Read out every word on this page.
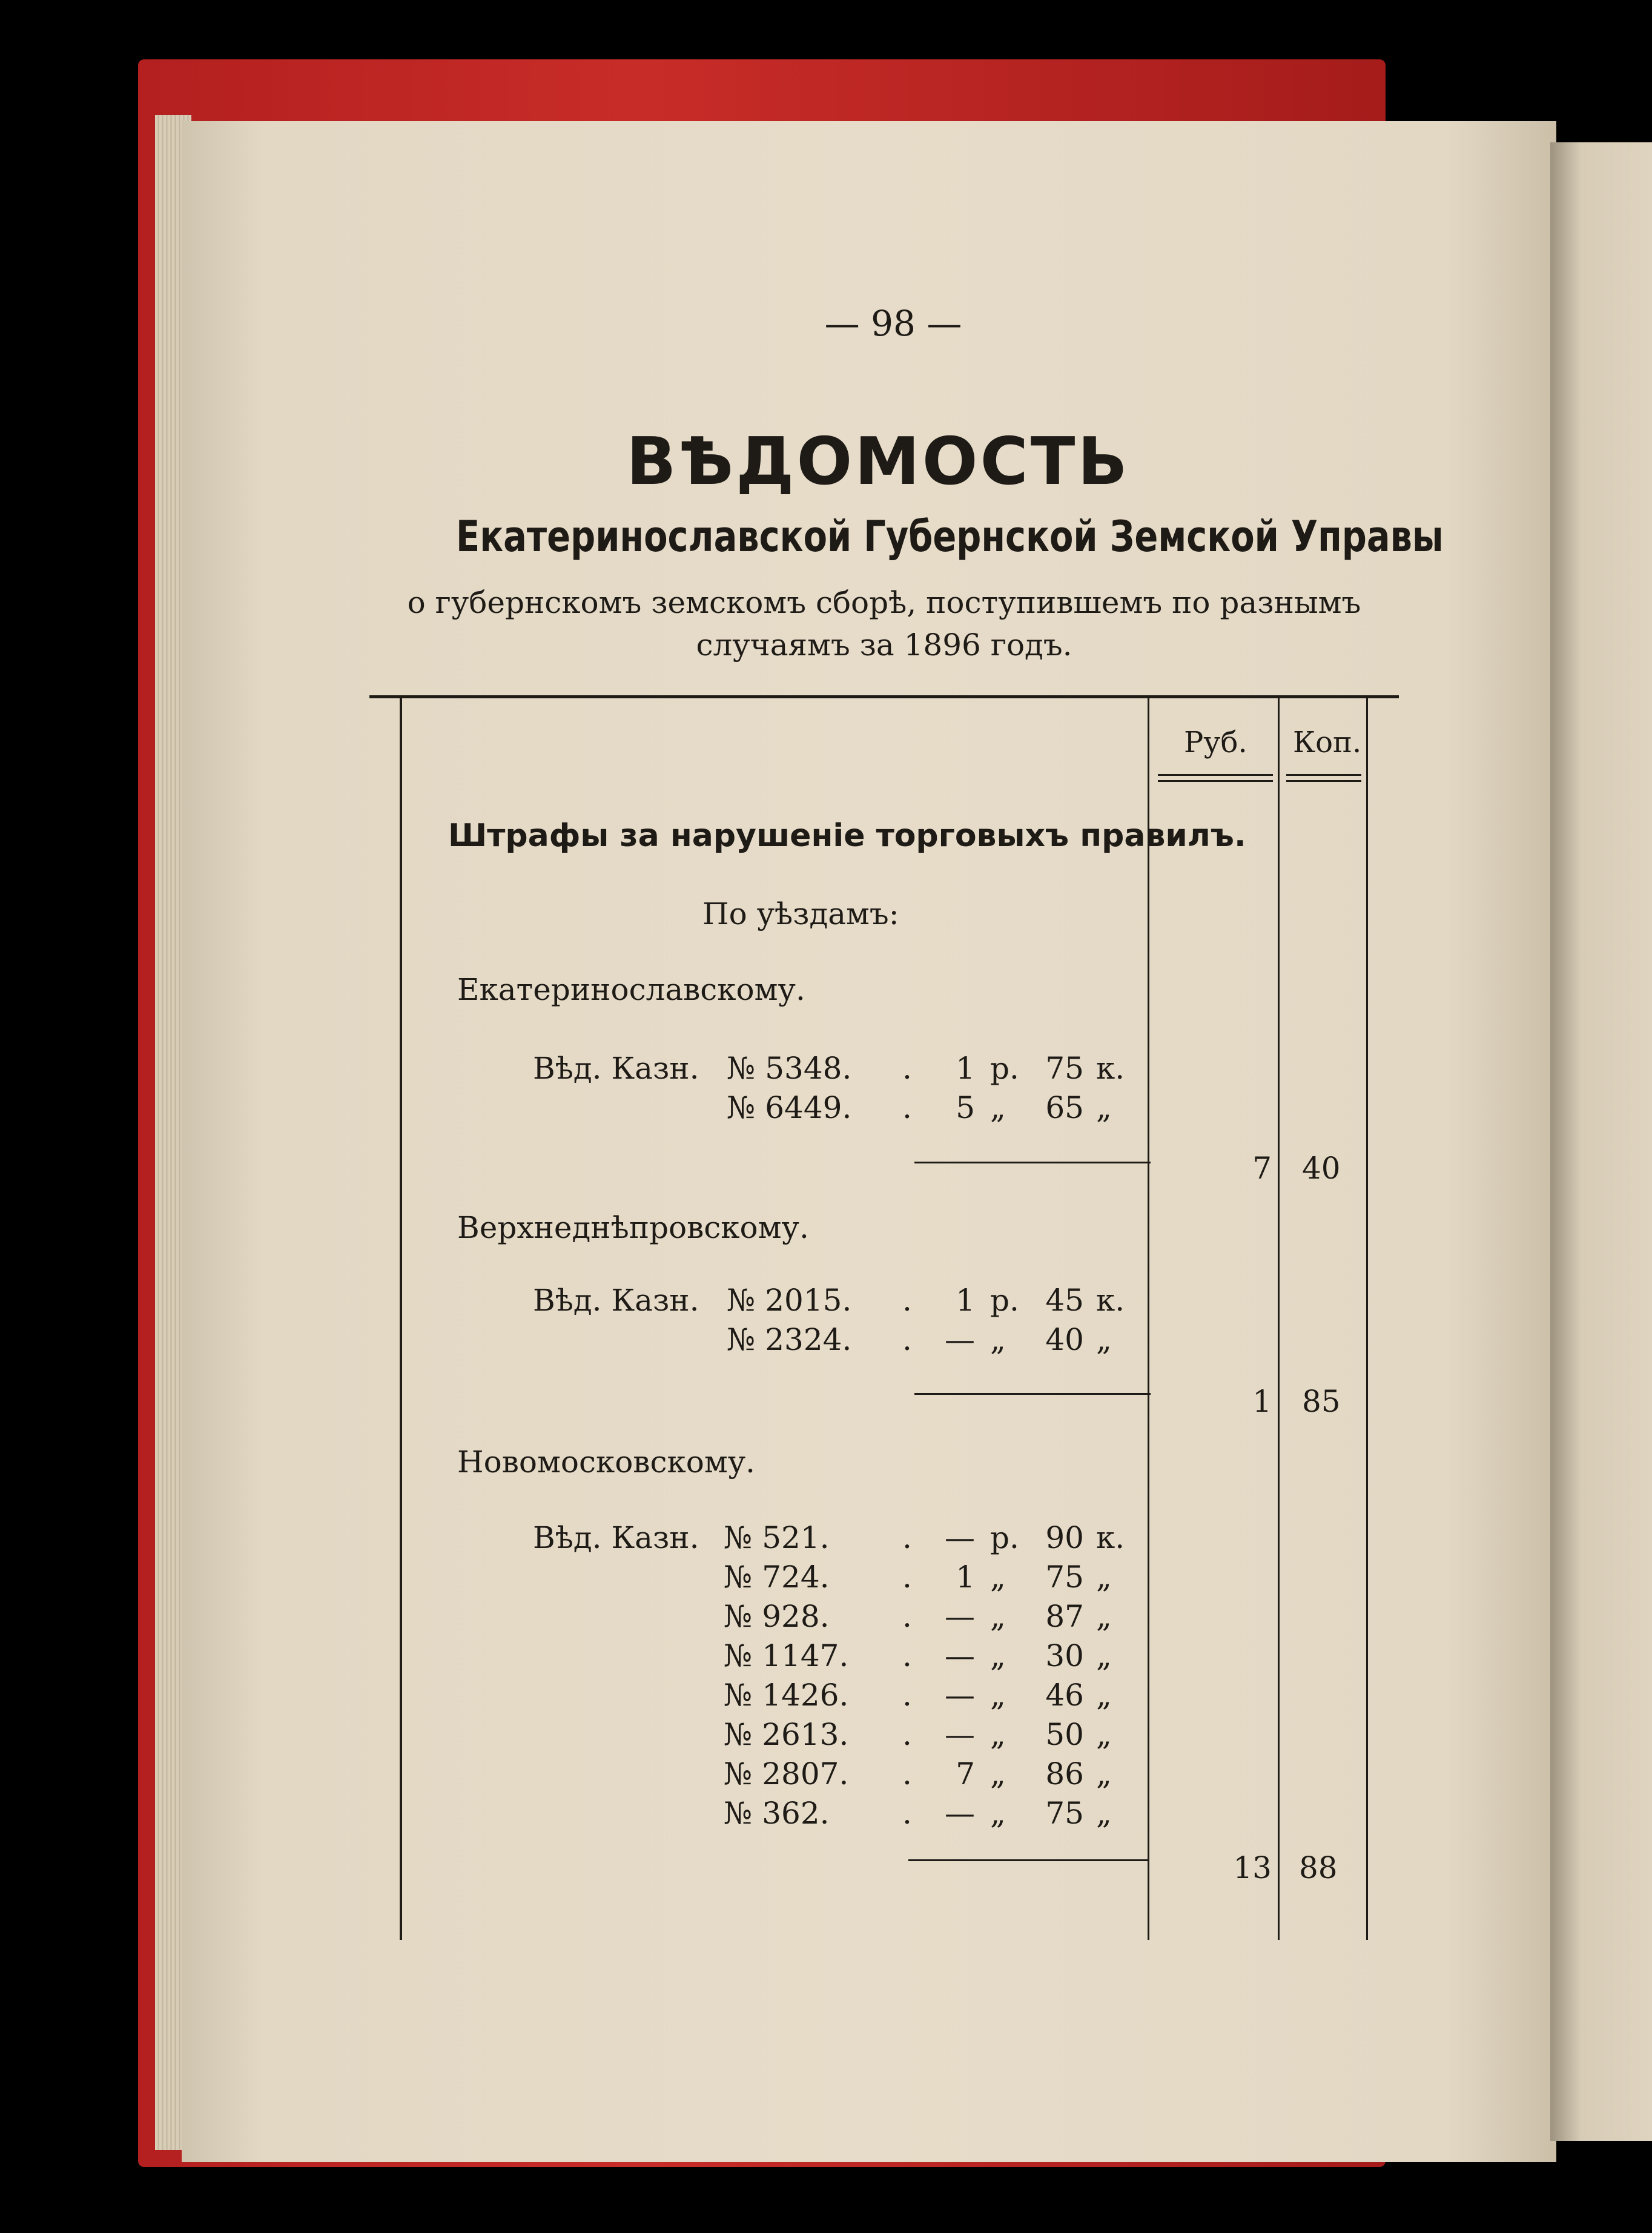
— 98 —
ВѢДОМОСТЬ
Екатеринославской Губернской Земской Управы
о губернскомъ земскомъ сборѣ, поступившемъ по разнымъ
случаямъ за 1896 годъ.
Руб. Коп.
Штрафы за нарушеніе торговыхъ правилъ.
По уѣздамъ:
Екатеринославскому.
Вѣд. Казн. № 5348. .	1 р. 75 к.
№ 6449. .	5 „	65 „
7 40
Верхнеднѣпровскому.
Вѣд. Казн. № 2015. .	1 р. 45 к.
№ 2324. .	— „	40 „
1 85
Новомосковскому.
Вѣд. Казн. № 521. .	— р. 90 к.
№ 724. .	1 „	75 „
№ 928. .	— „	87 „
№ 1147. .	— „	30 „
№ 1426. .	— „	46 „
№ 2613. .	— „	50 „
№ 2807. .	7 „	86 „
№ 362. .	— „	75 „
13 88
